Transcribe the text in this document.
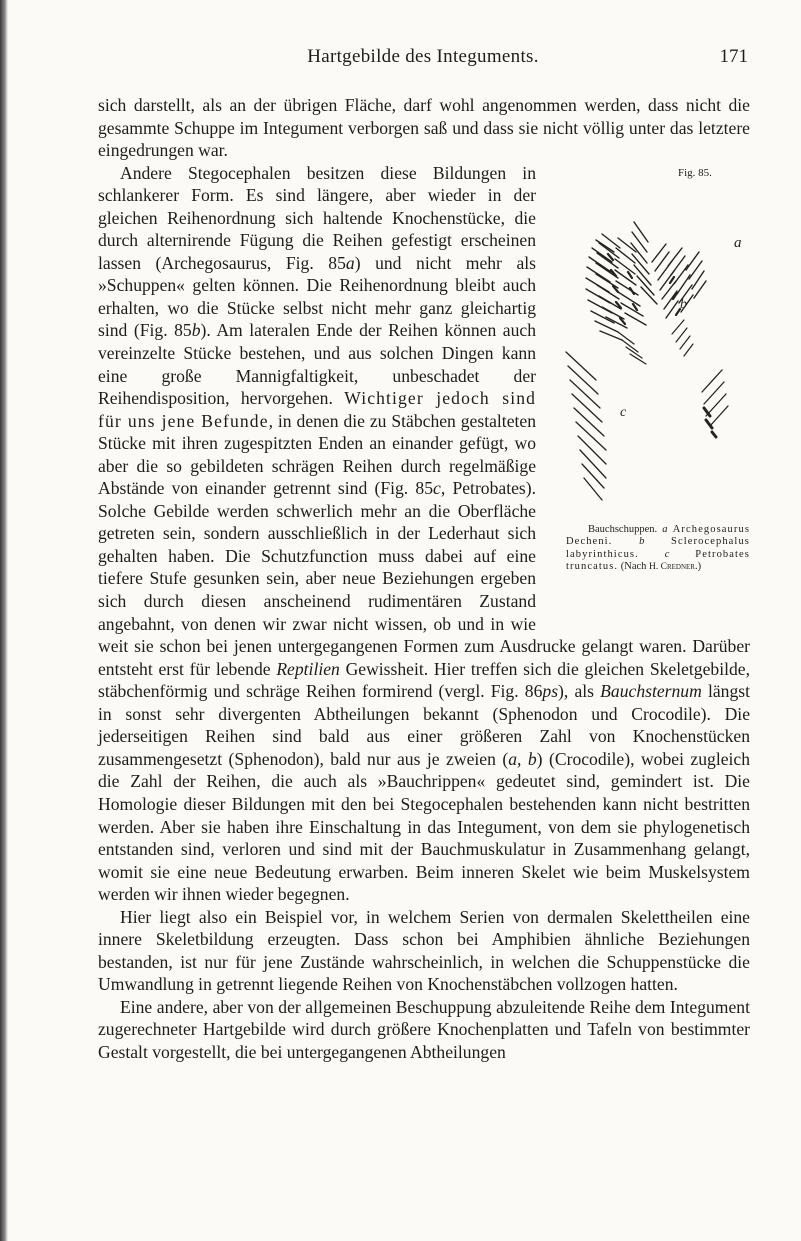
Hartgebilde des Integuments.	171

sich darstellt, als an der übrigen Fläche, darf wohl angenommen werden, dass nicht die gesammte Schuppe im Integument verborgen saß und dass sie nicht völlig unter das letztere eingedrungen war.

Fig. 85.
a
b
c
Bauchschuppen. a Archegosaurus Decheni.	b	Sclerocephalus labyrinthicus. c Petrobates truncatus. (Nach H. Credner.)
Andere Stegocephalen besitzen diese Bildungen in schlankerer Form. Es sind längere, aber wieder in der gleichen Reihenordnung sich haltende Knochenstücke, die durch alternirende Fügung die Reihen gefestigt erscheinen lassen (Archegosaurus, Fig. 85a) und nicht mehr als »Schuppen« gelten können. Die Reihenordnung bleibt auch erhalten, wo die Stücke selbst nicht mehr ganz gleichartig sind (Fig. 85b). Am lateralen Ende der Reihen können auch vereinzelte Stücke bestehen, und aus solchen Dingen kann eine große Mannigfaltigkeit, unbeschadet der Reihendisposition, hervorgehen. Wichtiger jedoch sind für uns jene Befunde, in denen die zu Stäbchen gestalteten Stücke mit ihren zugespitzten Enden an einander gefügt, wo aber die so gebildeten schrägen Reihen durch regelmäßige Abstände von einander getrennt sind (Fig. 85c, Petrobates). Solche Gebilde werden schwerlich mehr an die Oberfläche getreten sein, sondern ausschließlich in der Lederhaut sich gehalten haben. Die Schutzfunction muss dabei auf eine tiefere Stufe gesunken sein, aber neue Beziehungen ergeben sich durch diesen anscheinend rudimentären Zustand angebahnt, von denen wir zwar nicht wissen, ob und in wie weit sie schon bei jenen untergegangenen Formen zum Ausdrucke gelangt waren. Darüber entsteht erst für lebende Reptilien Gewissheit. Hier treffen sich die gleichen Skeletgebilde, stäbchenförmig und schräge Reihen formirend (vergl. Fig. 86ps), als Bauchsternum längst in sonst sehr divergenten Abtheilungen bekannt (Sphenodon und Crocodile). Die jederseitigen Reihen sind bald aus einer größeren Zahl von Knochenstücken zusammengesetzt (Sphenodon), bald nur aus je zweien (a, b) (Crocodile), wobei zugleich die Zahl der Reihen, die auch als »Bauchrippen« gedeutet sind, gemindert ist. Die Homologie dieser Bildungen mit den bei Stegocephalen bestehenden kann nicht bestritten werden. Aber sie haben ihre Einschaltung in das Integument, von dem sie phylogenetisch entstanden sind, verloren und sind mit der Bauchmuskulatur in Zusammenhang gelangt, womit sie eine neue Bedeutung erwarben. Beim inneren Skelet wie beim Muskelsystem werden wir ihnen wieder begegnen.

Hier liegt also ein Beispiel vor, in welchem Serien von dermalen Skelettheilen eine innere Skeletbildung erzeugten. Dass schon bei Amphibien ähnliche Beziehungen bestanden, ist nur für jene Zustände wahrscheinlich, in welchen die Schuppenstücke die Umwandlung in getrennt liegende Reihen von Knochenstäbchen vollzogen hatten.

Eine andere, aber von der allgemeinen Beschuppung abzuleitende Reihe dem Integument zugerechneter Hartgebilde wird durch größere Knochenplatten und Tafeln von bestimmter Gestalt vorgestellt, die bei untergegangenen Abtheilungen
